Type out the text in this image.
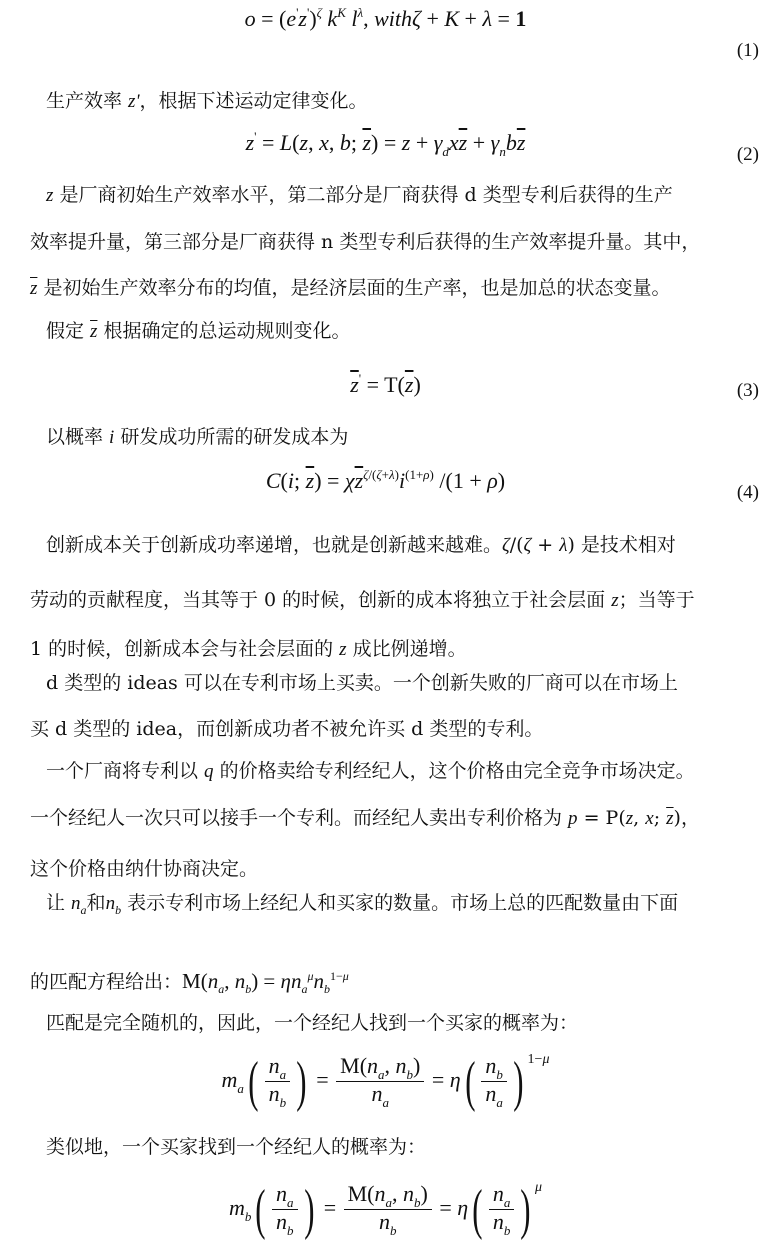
$o = (e'z')^\zeta$ $k^K$ $l^\lambda$, withζ + K + λ = 1
(1)
生产效率 z'，根据下述运动定律变化。
z' = L(z, x, b; $\overline{z}) = z + \gamma_dx\overline{z} + \gamma_nb\overline{z}$	(2)
z 是厂商初始生产效率水平，第二部分是厂商获得 d 类型专利后获得的生产
效率提升量，第三部分是厂商获得 n 类型专利后获得的生产效率提升量。其中，
$\overline{z}$ 是初始生产效率分布的均值，是经济层面的生产率，也是加总的状态变量。
假定 $\overline{z}$ 根据确定的总运动规则变化。
$\overline{z}' = T(\overline{z})$	(3)
以概率 i 研发成功所需的研发成本为
C(i; $\overline{z}) = \chi\overline{z}^{\zeta/(\zeta+\lambda)}i^{(1+\rho)}$ /(1 + ρ)	(4)
创新成本关于创新成功率递增，也就是创新越来越难。ζ/(ζ + λ) 是技术相对
劳动的贡献程度，当其等于 0 的时候，创新的成本将独立于社会层面 z；当等于
1 的时候，创新成本会与社会层面的 z 成比例递增。
d 类型的 ideas 可以在专利市场上买卖。一个创新失败的厂商可以在市场上
买 d 类型的 idea，而创新成功者不被允许买 d 类型的专利。
一个厂商将专利以 q 的价格卖给专利经纪人，这个价格由完全竞争市场决定。
一个经纪人一次只可以接手一个专利。而经纪人卖出专利价格为 p = P(z, x; $\overline{z}$)，
这个价格由纳什协商决定。
让 $n_a$和$n_b$ 表示专利市场上经纪人和买家的数量。市场上总的匹配数量由下面
的匹配方程给出：$M(n_a$, $n_b) = \eta n_a^\mu n_b^{1-\mu}$
匹配是完全随机的，因此，一个经纪人找到一个买家的概率为：
$m_a( \frac{n_a}{n_b}$ ) = $\frac{M(n_a, n_b)}{n_a} = \eta( \frac{n_b}{n_a}$ ) $^{1-\mu}$
类似地，一个买家找到一个经纪人的概率为：
$m_b( \frac{n_a}{n_b}$ ) = $\frac{M(n_a, n_b)}{n_b} = \eta( \frac{n_a}{n_b}$ ) $^\mu$
